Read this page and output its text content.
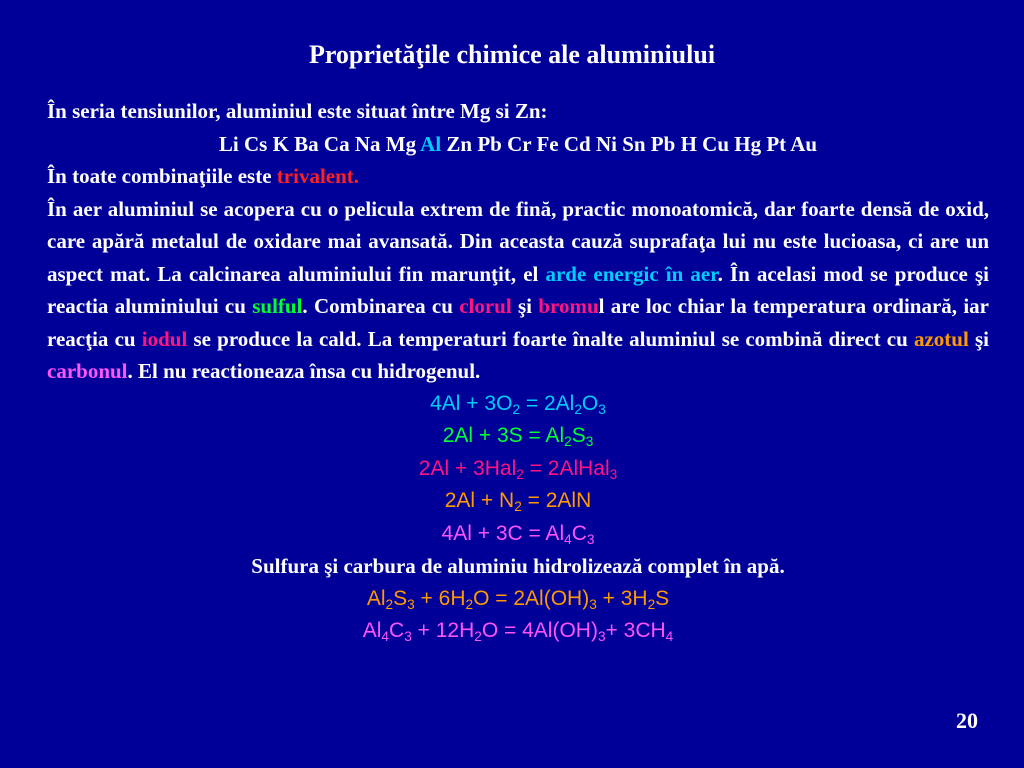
Proprietăţile chimice ale aluminiului
În seria tensiunilor, aluminiul este situat între Mg si Zn:
Li Cs K Ba Ca Na Mg Al Zn Pb Cr Fe Cd Ni Sn Pb H Cu Hg Pt Au
În toate combinaţiile este trivalent.
În aer aluminiul se acopera cu o pelicula extrem de fină, practic monoatomică, dar foarte densă de oxid, care apără metalul de oxidare mai avansată. Din aceasta cauză suprafaţa lui nu este lucioasa, ci are un aspect mat. La calcinarea aluminiului fin marunţit, el arde energic în aer. În acelasi mod se produce şi reactia aluminiului cu sulful. Combinarea cu clorul şi bromul are loc chiar la temperatura ordinară, iar reacţia cu iodul se produce la cald. La temperaturi foarte înalte aluminiul se combină direct cu azotul şi carbonul. El nu reactioneaza însa cu hidrogenul.
$4Al + 3O_2 = 2Al_2O_3$
$2Al + 3S = Al_2S_3$
2Al + 3Hal$_2$ = 2AlHal$_3$
$2Al + N_2 = 2AlN$
$4Al + 3C = Al_4C_3$
Sulfura şi carbura de aluminiu hidrolizează complet în apă.
$Al_2S_3 + 6H_2O = 2Al(OH)_3 + 3H_2S$
$Al_4C_3 + 12H_2O = 4Al(OH)_3+ 3CH_4$
20
